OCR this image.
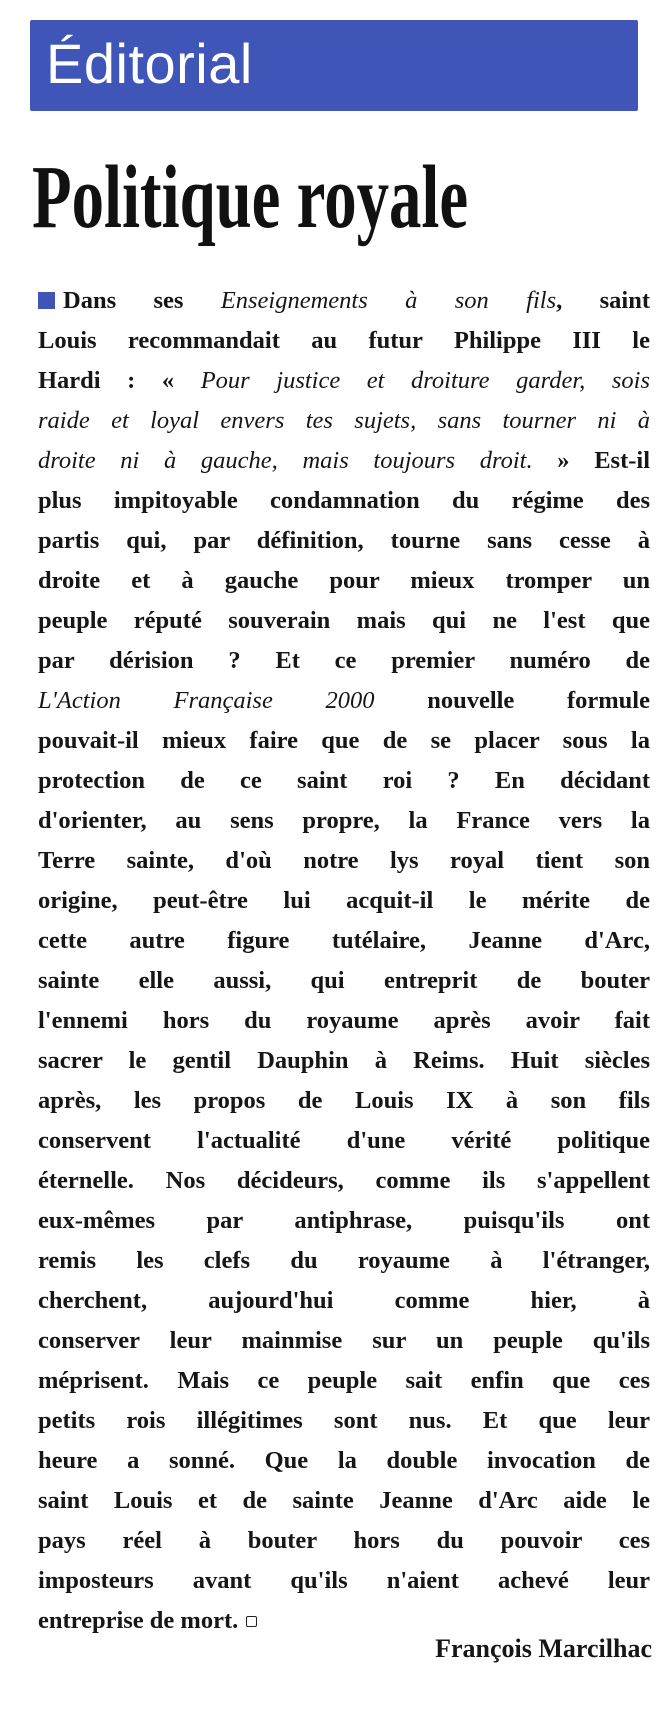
Éditorial
Politique royale
Dans ses Enseignements à son fils, saint
Louis recommandait au futur Philippe III le
Hardi : « Pour justice et droiture garder, sois
raide et loyal envers tes sujets, sans tourner ni à
droite ni à gauche, mais toujours droit. » Est-il
plus impitoyable condamnation du régime des
partis qui, par définition, tourne sans cesse à
droite et à gauche pour mieux tromper un
peuple réputé souverain mais qui ne l'est que
par dérision ? Et ce premier numéro de
L'Action Française 2000 nouvelle formule
pouvait-il mieux faire que de se placer sous la
protection de ce saint roi ? En décidant
d'orienter, au sens propre, la France vers la
Terre sainte, d'où notre lys royal tient son
origine, peut-être lui acquit-il le mérite de
cette autre figure tutélaire, Jeanne d'Arc,
sainte elle aussi, qui entreprit de bouter
l'ennemi hors du royaume après avoir fait
sacrer le gentil Dauphin à Reims. Huit siècles
après, les propos de Louis IX à son fils
conservent l'actualité d'une vérité politique
éternelle. Nos décideurs, comme ils s'appellent
eux-mêmes par antiphrase, puisqu'ils ont
remis les clefs du royaume à l'étranger,
cherchent, aujourd'hui comme hier, à
conserver leur mainmise sur un peuple qu'ils
méprisent. Mais ce peuple sait enfin que ces
petits rois illégitimes sont nus. Et que leur
heure a sonné. Que la double invocation de
saint Louis et de sainte Jeanne d'Arc aide le
pays réel à bouter hors du pouvoir ces
imposteurs avant qu'ils n'aient achevé leur
entreprise de mort.
François Marcilhac
